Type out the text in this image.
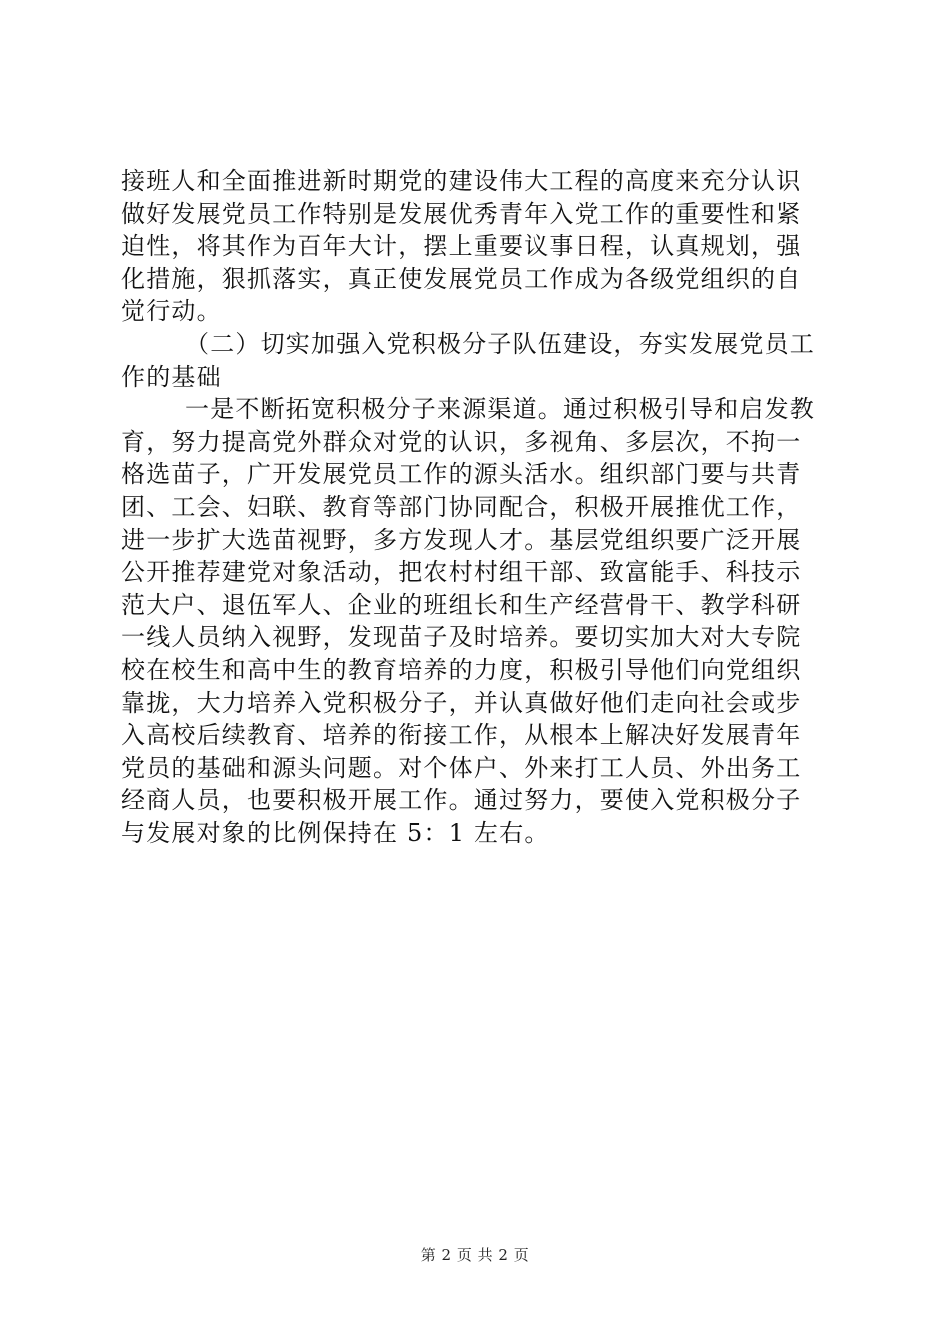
接班人和全面推进新时期党的建设伟大工程的高度来充分认识
做好发展党员工作特别是发展优秀青年入党工作的重要性和紧
迫性，将其作为百年大计，摆上重要议事日程，认真规划，强
化措施，狠抓落实，真正使发展党员工作成为各级党组织的自
觉行动。
（二）切实加强入党积极分子队伍建设，夯实发展党员工
作的基础
一是不断拓宽积极分子来源渠道。通过积极引导和启发教
育，努力提高党外群众对党的认识，多视角、多层次，不拘一
格选苗子，广开发展党员工作的源头活水。组织部门要与共青
团、工会、妇联、教育等部门协同配合，积极开展推优工作，
进一步扩大选苗视野，多方发现人才。基层党组织要广泛开展
公开推荐建党对象活动，把农村村组干部、致富能手、科技示
范大户、退伍军人、企业的班组长和生产经营骨干、教学科研
一线人员纳入视野，发现苗子及时培养。要切实加大对大专院
校在校生和高中生的教育培养的力度，积极引导他们向党组织
靠拢，大力培养入党积极分子，并认真做好他们走向社会或步
入高校后续教育、培养的衔接工作，从根本上解决好发展青年
党员的基础和源头问题。对个体户、外来打工人员、外出务工
经商人员，也要积极开展工作。通过努力，要使入党积极分子
与发展对象的比例保持在 5：1 左右。
第 2 页 共 2 页
